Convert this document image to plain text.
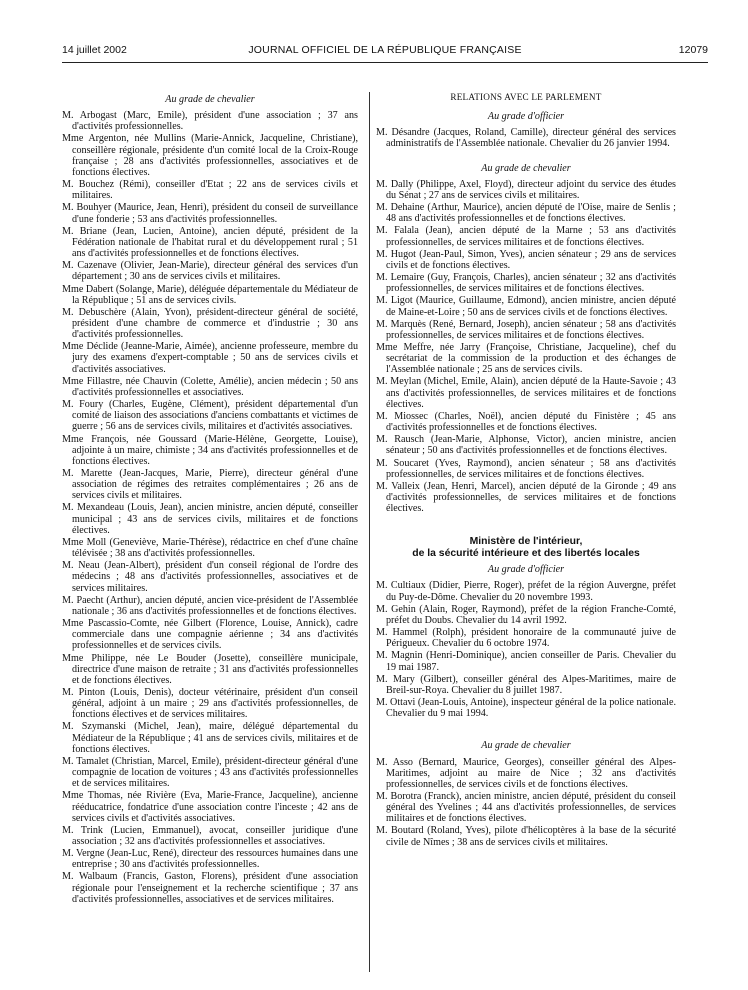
14 juillet 2002	JOURNAL OFFICIEL DE LA RÉPUBLIQUE FRANÇAISE	12079
Au grade de chevalier

M. Arbogast (Marc, Emile), président d'une association ; 37 ans d'activités professionnelles.

Mme Argenton, née Mullins (Marie-Annick, Jacqueline, Christiane), conseillère régionale, présidente d'un comité local de la Croix-Rouge française ; 28 ans d'activités professionnelles, associatives et de fonctions électives.

M. Bouchez (Rémi), conseiller d'Etat ; 22 ans de services civils et militaires.

M. Bouhyer (Maurice, Jean, Henri), président du conseil de surveillance d'une fonderie ; 53 ans d'activités professionnelles.

M. Briane (Jean, Lucien, Antoine), ancien député, président de la Fédération nationale de l'habitat rural et du développement rural ; 51 ans d'activités professionnelles et de fonctions électives.

M. Cazenave (Olivier, Jean-Marie), directeur général des services d'un département ; 30 ans de services civils et militaires.

Mme Dabert (Solange, Marie), déléguée départementale du Médiateur de la République ; 51 ans de services civils.

M. Debuschère (Alain, Yvon), président-directeur général de société, président d'une chambre de commerce et d'industrie ; 30 ans d'activités professionnelles.

Mme Déclide (Jeanne-Marie, Aimée), ancienne professeure, membre du jury des examens d'expert-comptable ; 50 ans de services civils et d'activités associatives.

Mme Fillastre, née Chauvin (Colette, Amélie), ancien médecin ; 50 ans d'activités professionnelles et associatives.

M. Foury (Charles, Eugène, Clément), président départemental d'un comité de liaison des associations d'anciens combattants et victimes de guerre ; 56 ans de services civils, militaires et d'activités associatives.

Mme François, née Goussard (Marie-Hélène, Georgette, Louise), adjointe à un maire, chimiste ; 34 ans d'activités professionnelles et de fonctions électives.

M. Marette (Jean-Jacques, Marie, Pierre), directeur général d'une association de régimes des retraites complémentaires ; 26 ans de services civils et militaires.

M. Mexandeau (Louis, Jean), ancien ministre, ancien député, conseiller municipal ; 43 ans de services civils, militaires et de fonctions électives.

Mme Moll (Geneviève, Marie-Thérèse), rédactrice en chef d'une chaîne télévisée ; 38 ans d'activités professionnelles.

M. Neau (Jean-Albert), président d'un conseil régional de l'ordre des médecins ; 48 ans d'activités professionnelles, associatives et de services militaires.

M. Paecht (Arthur), ancien député, ancien vice-président de l'Assemblée nationale ; 36 ans d'activités professionnelles et de fonctions électives.

Mme Pascassio-Comte, née Gilbert (Florence, Louise, Annick), cadre commerciale dans une compagnie aérienne ; 34 ans d'activités professionnelles et de services civils.

Mme Philippe, née Le Bouder (Josette), conseillère municipale, directrice d'une maison de retraite ; 31 ans d'activités professionnelles et de fonctions électives.

M. Pinton (Louis, Denis), docteur vétérinaire, président d'un conseil général, adjoint à un maire ; 29 ans d'activités professionnelles, de fonctions électives et de services militaires.

M. Szymanski (Michel, Jean), maire, délégué départemental du Médiateur de la République ; 41 ans de services civils, militaires et de fonctions électives.

M. Tamalet (Christian, Marcel, Emile), président-directeur général d'une compagnie de location de voitures ; 43 ans d'activités professionnelles et de services militaires.

Mme Thomas, née Rivière (Eva, Marie-France, Jacqueline), ancienne rééducatrice, fondatrice d'une association contre l'inceste ; 42 ans de services civils et d'activités associatives.

M. Trink (Lucien, Emmanuel), avocat, conseiller juridique d'une association ; 32 ans d'activités professionnelles et associatives.

M. Vergne (Jean-Luc, René), directeur des ressources humaines dans une entreprise ; 30 ans d'activités professionnelles.

M. Walbaum (Francis, Gaston, Florens), président d'une association régionale pour l'enseignement et la recherche scientifique ; 37 ans d'activités professionnelles, associatives et de services militaires.

RELATIONS AVEC LE PARLEMENT
Au grade d'officier

M. Désandre (Jacques, Roland, Camille), directeur général des services administratifs de l'Assemblée nationale. Chevalier du 26 janvier 1994.

Au grade de chevalier

M. Dally (Philippe, Axel, Floyd), directeur adjoint du service des études du Sénat ; 27 ans de services civils et militaires.

M. Dehaine (Arthur, Maurice), ancien député de l'Oise, maire de Senlis ; 48 ans d'activités professionnelles et de fonctions électives.

M. Falala (Jean), ancien député de la Marne ; 53 ans d'activités professionnelles, de services militaires et de fonctions électives.

M. Hugot (Jean-Paul, Simon, Yves), ancien sénateur ; 29 ans de services civils et de fonctions électives.

M. Lemaire (Guy, François, Charles), ancien sénateur ; 32 ans d'activités professionnelles, de services militaires et de fonctions électives.

M. Ligot (Maurice, Guillaume, Edmond), ancien ministre, ancien député de Maine-et-Loire ; 50 ans de services civils et de fonctions électives.

M. Marquès (René, Bernard, Joseph), ancien sénateur ; 58 ans d'activités professionnelles, de services militaires et de fonctions électives.

Mme Meffre, née Jarry (Françoise, Christiane, Jacqueline), chef du secrétariat de la commission de la production et des échanges de l'Assemblée nationale ; 25 ans de services civils.

M. Meylan (Michel, Emile, Alain), ancien député de la Haute-Savoie ; 43 ans d'activités professionnelles, de services militaires et de fonctions électives.

M. Miossec (Charles, Noël), ancien député du Finistère ; 45 ans d'activités professionnelles et de fonctions électives.

M. Rausch (Jean-Marie, Alphonse, Victor), ancien ministre, ancien sénateur ; 50 ans d'activités professionnelles et de fonctions électives.

M. Soucaret (Yves, Raymond), ancien sénateur ; 58 ans d'activités professionnelles, de services militaires et de fonctions électives.

M. Valleix (Jean, Henri, Marcel), ancien député de la Gironde ; 49 ans d'activités professionnelles, de services militaires et de fonctions électives.

Ministère de l'intérieur,
de la sécurité intérieure et des libertés locales
Au grade d'officier

M. Cultiaux (Didier, Pierre, Roger), préfet de la région Auvergne, préfet du Puy-de-Dôme. Chevalier du 20 novembre 1993.

M. Gehin (Alain, Roger, Raymond), préfet de la région Franche-Comté, préfet du Doubs. Chevalier du 14 avril 1992.

M. Hammel (Rolph), président honoraire de la communauté juive de Périgueux. Chevalier du 6 octobre 1974.

M. Magnin (Henri-Dominique), ancien conseiller de Paris. Chevalier du 19 mai 1987.

M. Mary (Gilbert), conseiller général des Alpes-Maritimes, maire de Breil-sur-Roya. Chevalier du 8 juillet 1987.

M. Ottavi (Jean-Louis, Antoine), inspecteur général de la police nationale. Chevalier du 9 mai 1994.

Au grade de chevalier

M. Asso (Bernard, Maurice, Georges), conseiller général des Alpes-Maritimes, adjoint au maire de Nice ; 32 ans d'activités professionnelles, de services civils et de fonctions électives.

M. Borotra (Franck), ancien ministre, ancien député, président du conseil général des Yvelines ; 44 ans d'activités professionnelles, de services militaires et de fonctions électives.

M. Boutard (Roland, Yves), pilote d'hélicoptères à la base de la sécurité civile de Nîmes ; 38 ans de services civils et militaires.
